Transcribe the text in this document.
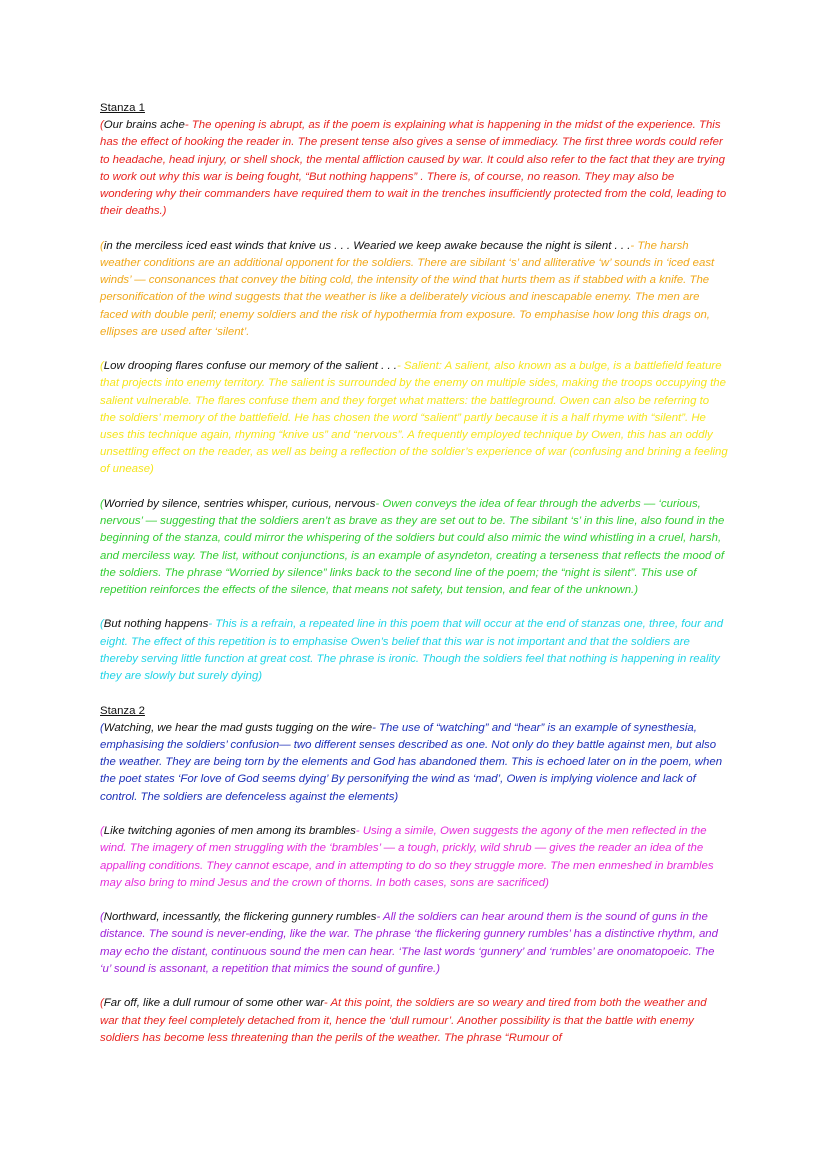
Stanza 1

(Our brains ache- The opening is abrupt, as if the poem is explaining what is happening in the midst of the experience. This has the effect of hooking the reader in. The present tense also gives a sense of immediacy. The first three words could refer to headache, head injury, or shell shock, the mental affliction caused by war. It could also refer to the fact that they are trying to work out why this war is being fought, “But nothing happens” . There is, of course, no reason. They may also be wondering why their commanders have required them to wait in the trenches insufficiently protected from the cold, leading to their deaths.)

(in the merciless iced east winds that knive us . . . Wearied we keep awake because the night is silent . . .- The harsh weather conditions are an additional opponent for the soldiers. There are sibilant ‘s’ and alliterative ‘w’ sounds in ‘iced east winds’ — consonances that convey the biting cold, the intensity of the wind that hurts them as if stabbed with a knife. The personification of the wind suggests that the weather is like a deliberately vicious and inescapable enemy. The men are faced with double peril; enemy soldiers and the risk of hypothermia from exposure. To emphasise how long this drags on, ellipses are used after ‘silent’.

(Low drooping flares confuse our memory of the salient . . .- Salient: A salient, also known as a bulge, is a battlefield feature that projects into enemy territory. The salient is surrounded by the enemy on multiple sides, making the troops occupying the salient vulnerable. The flares confuse them and they forget what matters: the battleground. Owen can also be referring to the soldiers’ memory of the battlefield. He has chosen the word “salient” partly because it is a half rhyme with “silent”. He uses this technique again, rhyming “knive us” and “nervous”. A frequently employed technique by Owen, this has an oddly unsettling effect on the reader, as well as being a reflection of the soldier’s experience of war (confusing and brining a feeling of unease)

(Worried by silence, sentries whisper, curious, nervous- Owen conveys the idea of fear through the adverbs — ‘curious, nervous’ — suggesting that the soldiers aren’t as brave as they are set out to be. The sibilant ‘s’ in this line, also found in the beginning of the stanza, could mirror the whispering of the soldiers but could also mimic the wind whistling in a cruel, harsh, and merciless way. The list, without conjunctions, is an example of asyndeton, creating a terseness that reflects the mood of the soldiers. The phrase “Worried by silence” links back to the second line of the poem; the “night is silent”. This use of repetition reinforces the effects of the silence, that means not safety, but tension, and fear of the unknown.)

(But nothing happens- This is a refrain, a repeated line in this poem that will occur at the end of stanzas one, three, four and eight. The effect of this repetition is to emphasise Owen’s belief that this war is not important and that the soldiers are thereby serving little function at great cost. The phrase is ironic. Though the soldiers feel that nothing is happening in reality they are slowly but surely dying)

Stanza 2

(Watching, we hear the mad gusts tugging on the wire- The use of “watching” and “hear” is an example of synesthesia, emphasising the soldiers’ confusion— two different senses described as one. Not only do they battle against men, but also the weather. They are being torn by the elements and God has abandoned them. This is echoed later on in the poem, when the poet states ‘For love of God seems dying’ By personifying the wind as ‘mad’, Owen is implying violence and lack of control. The soldiers are defenceless against the elements)

(Like twitching agonies of men among its brambles- Using a simile, Owen suggests the agony of the men reflected in the wind. The imagery of men struggling with the ‘brambles’ — a tough, prickly, wild shrub — gives the reader an idea of the appalling conditions. They cannot escape, and in attempting to do so they struggle more. The men enmeshed in brambles may also bring to mind Jesus and the crown of thorns. In both cases, sons are sacrificed)

(Northward, incessantly, the flickering gunnery rumbles- All the soldiers can hear around them is the sound of guns in the distance. The sound is never-ending, like the war. The phrase ‘the flickering gunnery rumbles’ has a distinctive rhythm, and may echo the distant, continuous sound the men can hear. ‘The last words ‘gunnery’ and ‘rumbles’ are onomatopoeic. The ‘u’ sound is assonant, a repetition that mimics the sound of gunfire.)

(Far off, like a dull rumour of some other war- At this point, the soldiers are so weary and tired from both the weather and war that they feel completely detached from it, hence the ‘dull rumour’. Another possibility is that the battle with enemy soldiers has become less threatening than the perils of the weather. The phrase “Rumour of
